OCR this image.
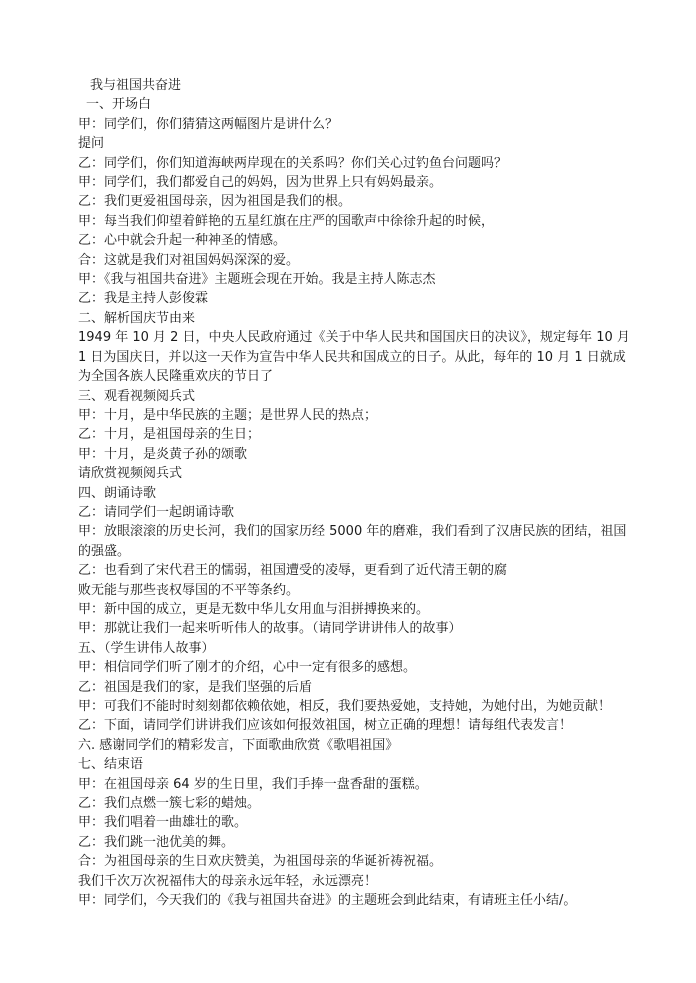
我与祖国共奋进
一、开场白
甲：同学们，你们猜猜这两幅图片是讲什么？
提问
乙：同学们，你们知道海峡两岸现在的关系吗？你们关心过钓鱼台问题吗？
甲：同学们，我们都爱自己的妈妈，因为世界上只有妈妈最亲。
乙：我们更爱祖国母亲，因为祖国是我们的根。
甲：每当我们仰望着鲜艳的五星红旗在庄严的国歌声中徐徐升起的时候，
乙：心中就会升起一种神圣的情感。
合：这就是我们对祖国妈妈深深的爱。
甲：《我与祖国共奋进》主题班会现在开始。我是主持人陈志杰
乙：我是主持人彭俊霖
二、解析国庆节由来
1949 年 10 月 2 日，中央人民政府通过《关于中华人民共和国国庆日的决议》，规定每年 10 月 1 日为国庆日，并以这一天作为宣告中华人民共和国成立的日子。从此，每年的 10 月 1 日就成为全国各族人民隆重欢庆的节日了
三、观看视频阅兵式
甲：十月，是中华民族的主题；是世界人民的热点；
乙：十月，是祖国母亲的生日；
甲：十月，是炎黄子孙的颂歌
请欣赏视频阅兵式
四、朗诵诗歌
乙：请同学们一起朗诵诗歌
甲：放眼滚滚的历史长河，我们的国家历经 5000 年的磨难，我们看到了汉唐民族的团结，祖国的强盛。
乙：也看到了宋代君王的懦弱，祖国遭受的凌辱，更看到了近代清王朝的腐
败无能与那些丧权辱国的不平等条约。
甲：新中国的成立，更是无数中华儿女用血与泪拼搏换来的。
甲：那就让我们一起来听听伟人的故事。（请同学讲讲伟人的故事）
五、（学生讲伟人故事）
甲：相信同学们听了刚才的介绍，心中一定有很多的感想。
乙：祖国是我们的家，是我们坚强的后盾
甲：可我们不能时时刻刻都依赖依她，相反，我们要热爱她，支持她，为她付出，为她贡献！
乙：下面，请同学们讲讲我们应该如何报效祖国，树立正确的理想！请每组代表发言！
六. 感谢同学们的精彩发言，下面歌曲欣赏《歌唱祖国》
七、结束语
甲：在祖国母亲 64 岁的生日里，我们手捧一盘香甜的蛋糕。
乙：我们点燃一簇七彩的蜡烛。
甲：我们唱着一曲雄壮的歌。
乙：我们跳一池优美的舞。
合：为祖国母亲的生日欢庆赞美，为祖国母亲的华诞祈祷祝福。
我们千次万次祝福伟大的母亲永远年轻，永远漂亮！
甲：同学们，今天我们的《我与祖国共奋进》的主题班会到此结束，有请班主任小结/。
